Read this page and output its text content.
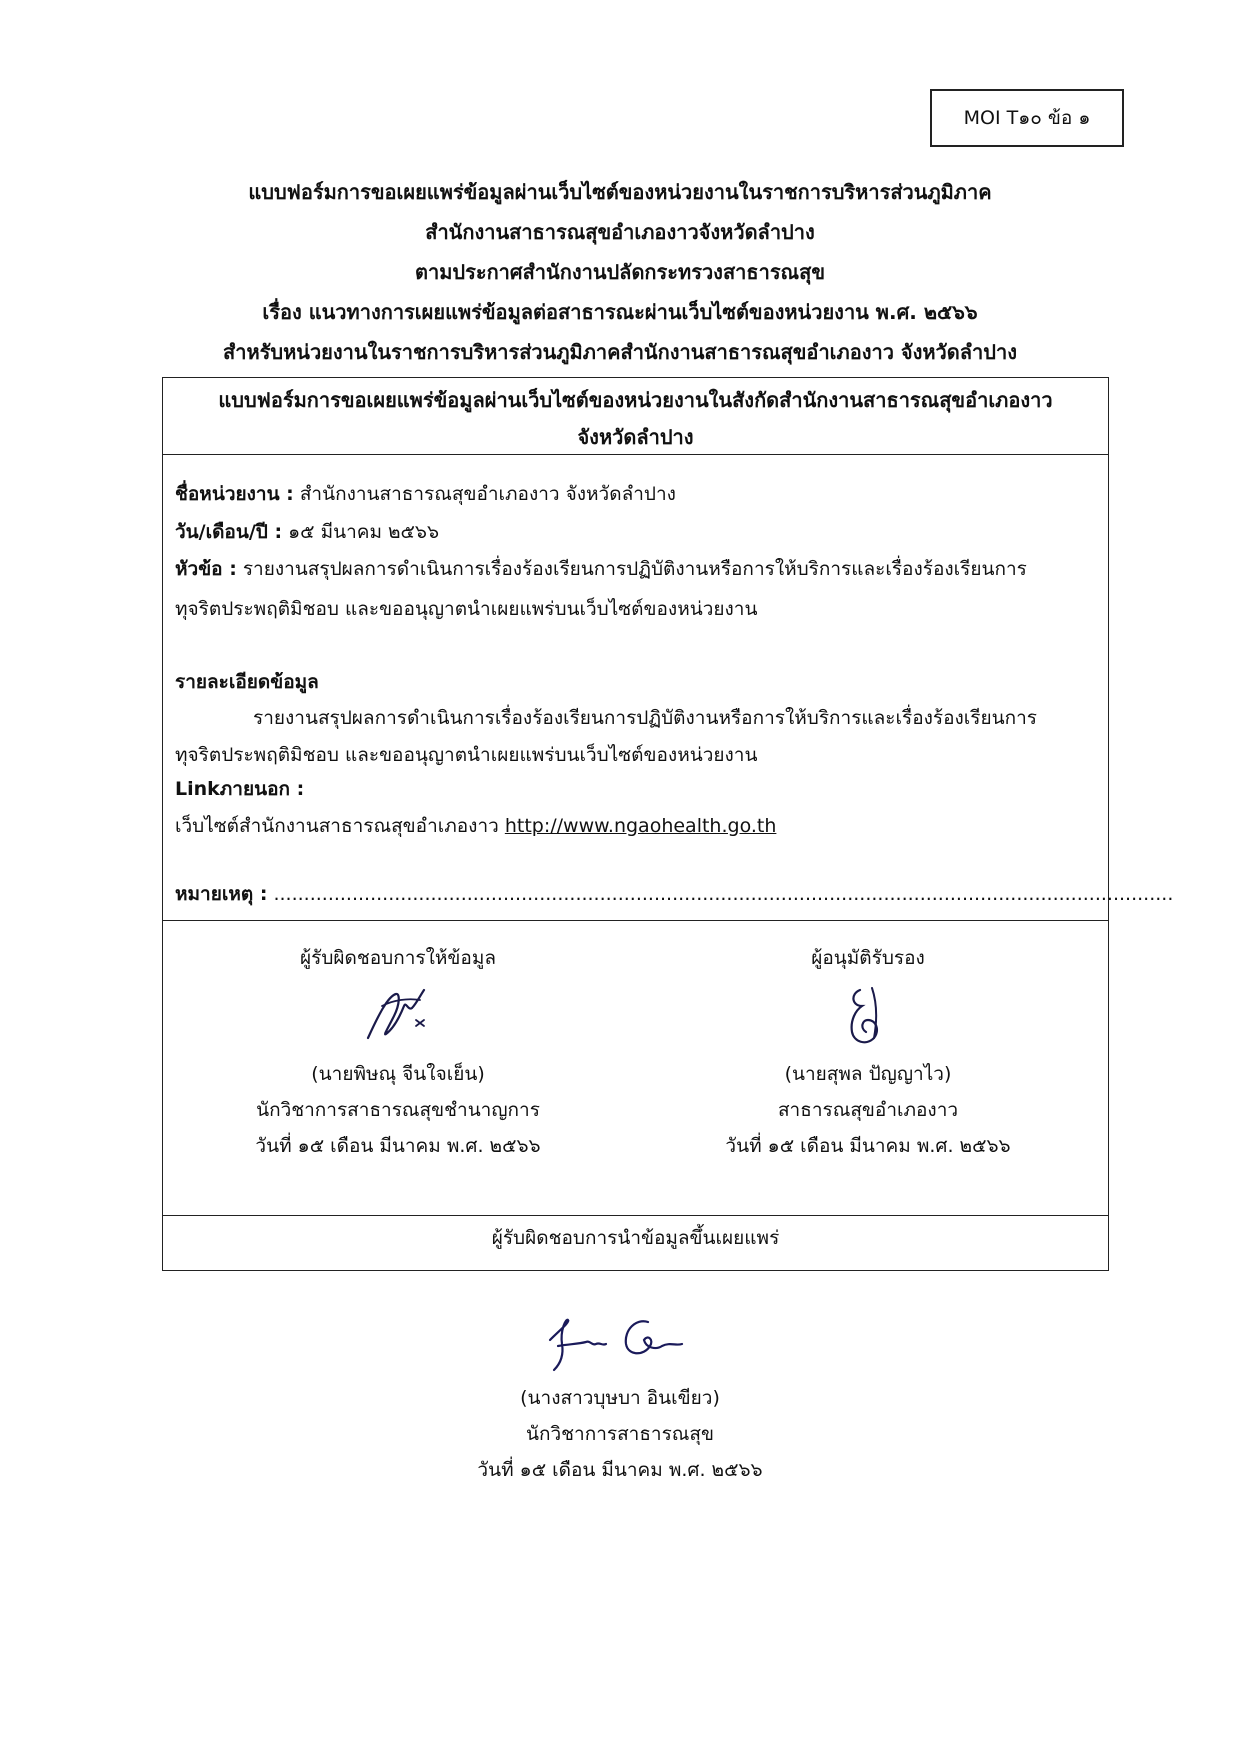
MOI T๑๐ ข้อ ๑
แบบฟอร์มการขอเผยแพร่ข้อมูลผ่านเว็บไซต์ของหน่วยงานในราชการบริหารส่วนภูมิภาค
สำนักงานสาธารณสุขอำเภองาวจังหวัดลำปาง
ตามประกาศสำนักงานปลัดกระทรวงสาธารณสุข
เรื่อง แนวทางการเผยแพร่ข้อมูลต่อสาธารณะผ่านเว็บไซต์ของหน่วยงาน พ.ศ. ๒๕๖๖
สำหรับหน่วยงานในราชการบริหารส่วนภูมิภาคสำนักงานสาธารณสุขอำเภองาว จังหวัดลำปาง
แบบฟอร์มการขอเผยแพร่ข้อมูลผ่านเว็บไซต์ของหน่วยงานในสังกัดสำนักงานสาธารณสุขอำเภองาว
จังหวัดลำปาง
ชื่อหน่วยงาน : สำนักงานสาธารณสุขอำเภองาว จังหวัดลำปาง
วัน/เดือน/ปี : ๑๕ มีนาคม ๒๕๖๖
หัวข้อ : รายงานสรุปผลการดำเนินการเรื่องร้องเรียนการปฏิบัติงานหรือการให้บริการและเรื่องร้องเรียนการ
ทุจริตประพฤติมิชอบ และขออนุญาตนำเผยแพร่บนเว็บไซต์ของหน่วยงาน
รายละเอียดข้อมูล
รายงานสรุปผลการดำเนินการเรื่องร้องเรียนการปฏิบัติงานหรือการให้บริการและเรื่องร้องเรียนการ
ทุจริตประพฤติมิชอบ และขออนุญาตนำเผยแพร่บนเว็บไซต์ของหน่วยงาน
Linkภายนอก :
เว็บไซต์สำนักงานสาธารณสุขอำเภองาว http://www.ngaohealth.go.th
หมายเหตุ : .....................................................................................................................................................
ผู้รับผิดชอบการให้ข้อมูล
(นายพิษณุ จีนใจเย็น)
นักวิชาการสาธารณสุขชำนาญการ
วันที่ ๑๕ เดือน มีนาคม พ.ศ. ๒๕๖๖
ผู้อนุมัติรับรอง
(นายสุพล ปัญญาไว)
สาธารณสุขอำเภองาว
วันที่ ๑๕ เดือน มีนาคม พ.ศ. ๒๕๖๖
ผู้รับผิดชอบการนำข้อมูลขึ้นเผยแพร่
(นางสาวบุษบา อินเขียว)
นักวิชาการสาธารณสุข
วันที่ ๑๕ เดือน มีนาคม พ.ศ. ๒๕๖๖
